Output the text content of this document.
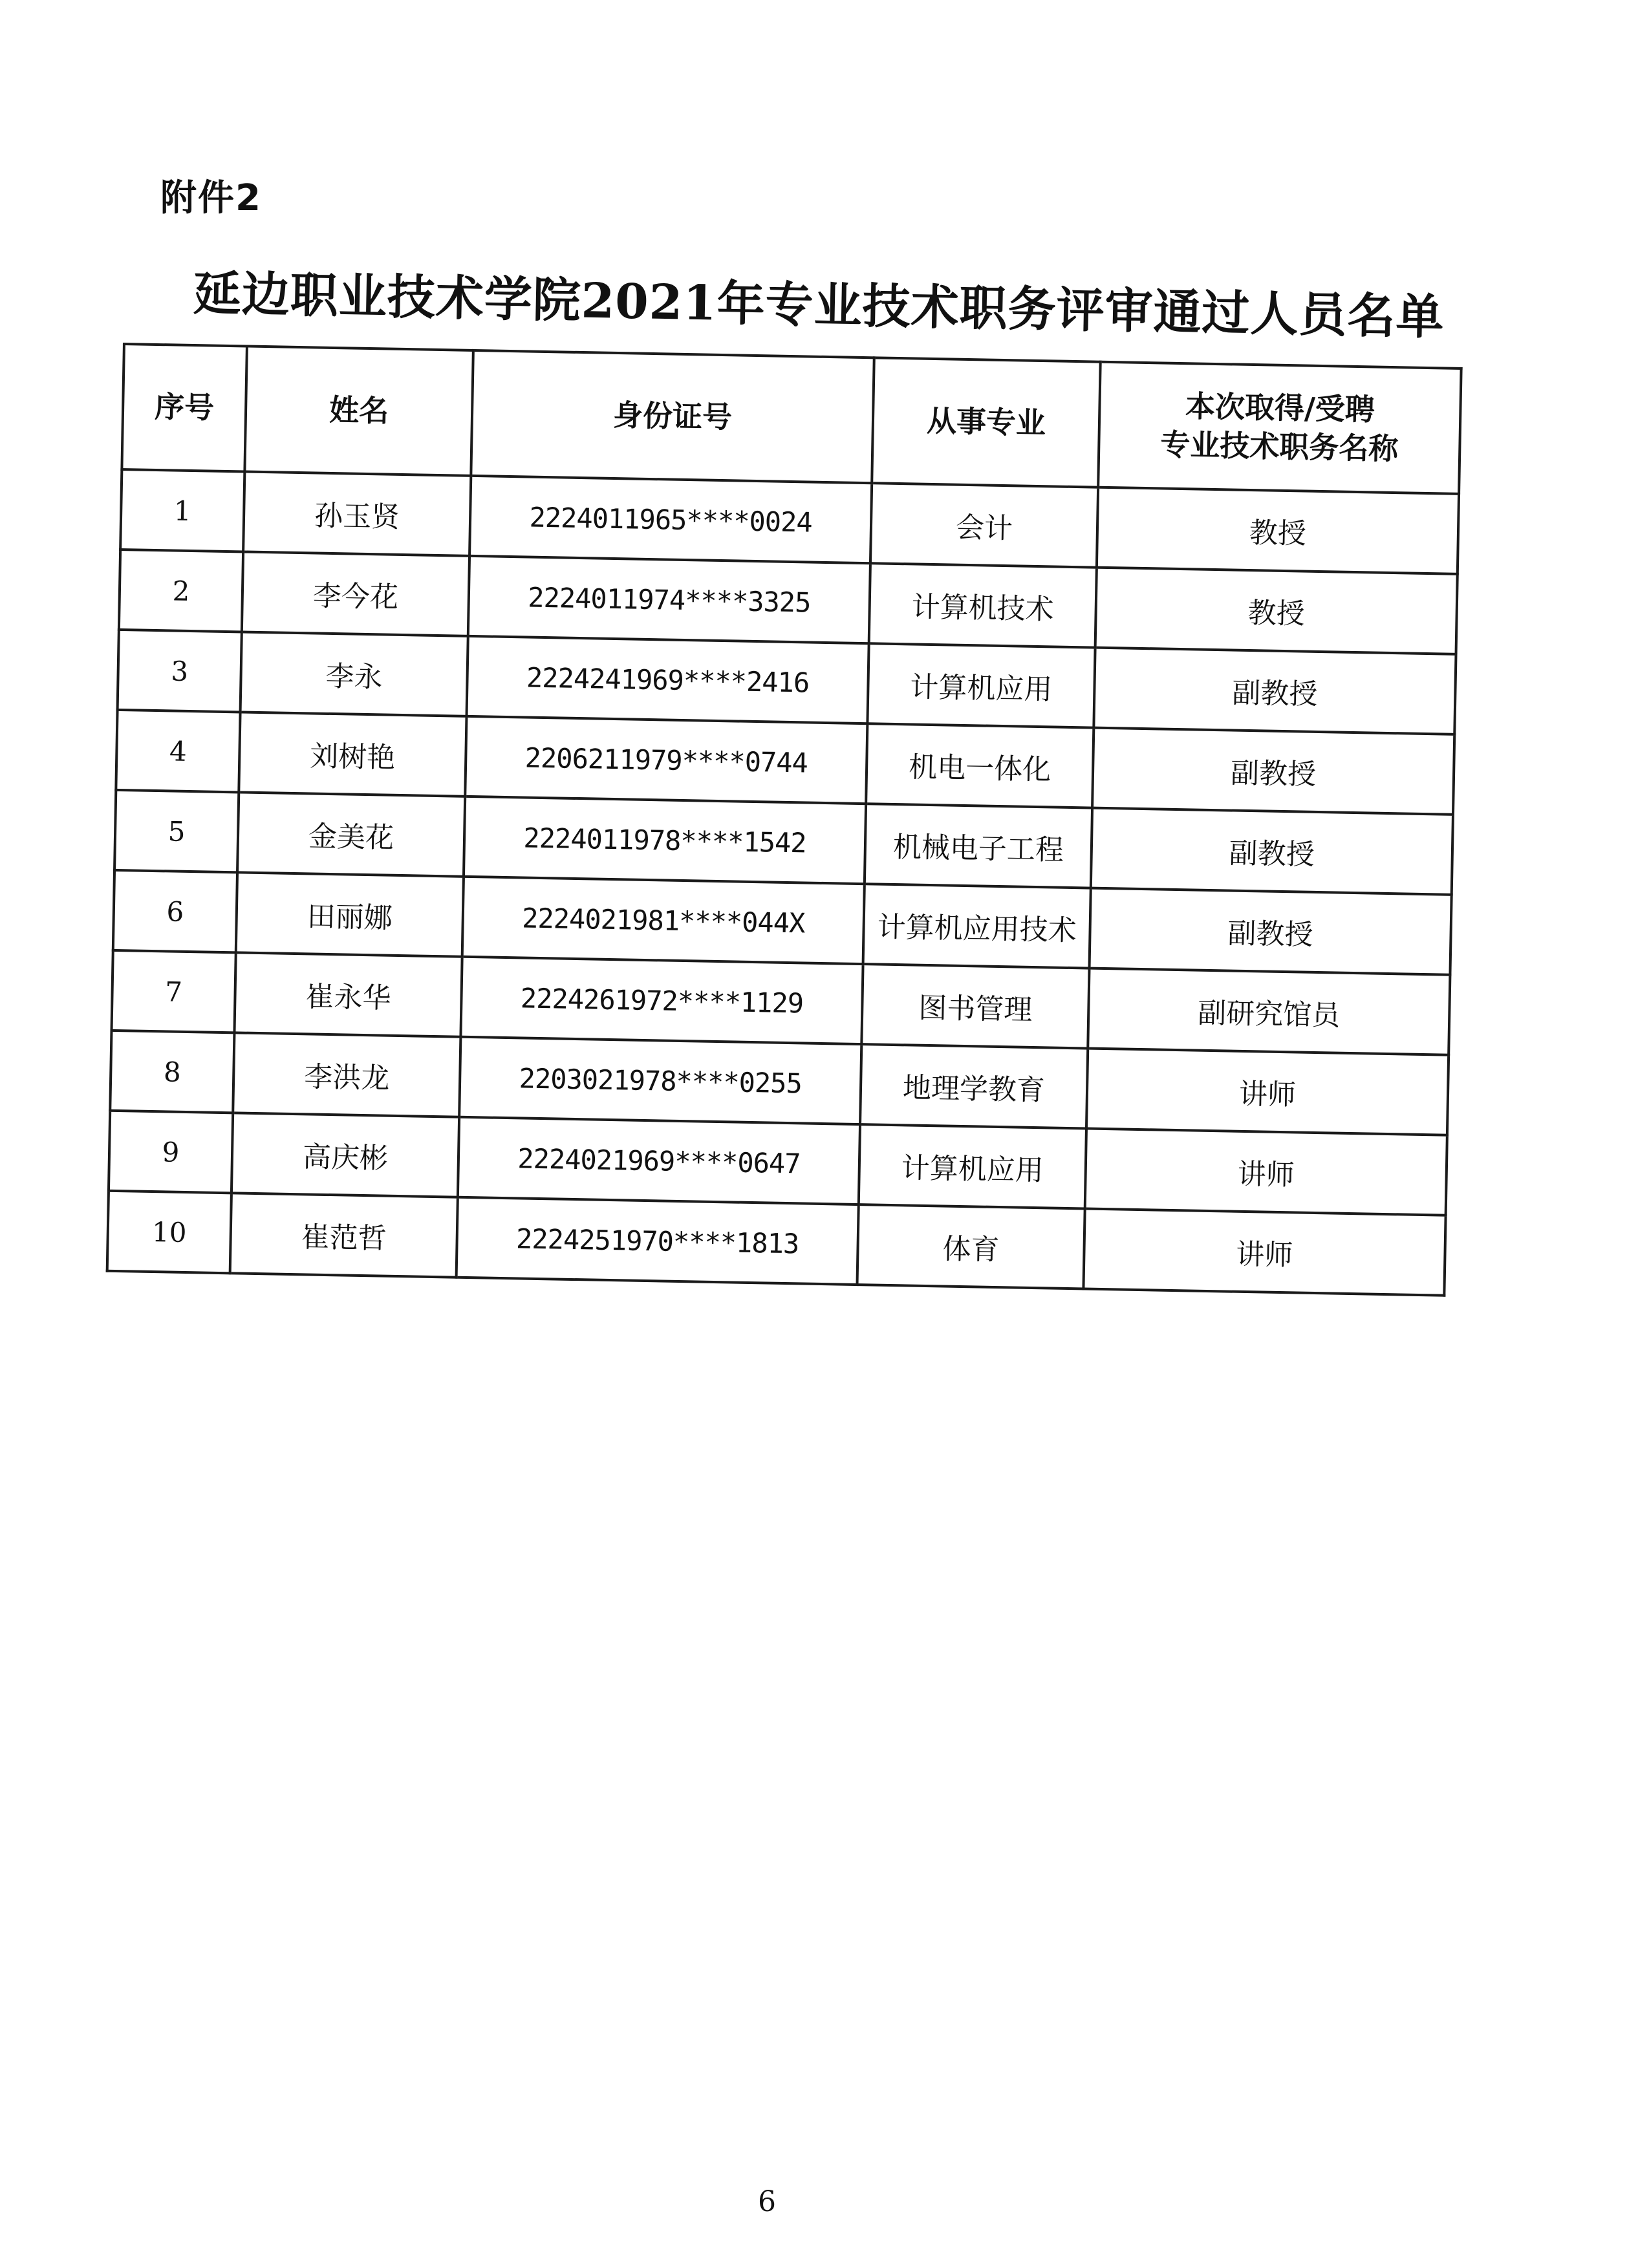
附件2
延边职业技术学院2021年专业技术职务评审通过人员名单
序号	姓名	身份证号	从事专业	本次取得/受聘
专业技术职务名称

1	孙玉贤	2224011965****0024	会计	教授
2	李今花	2224011974****3325	计算机技术	教授
3	李永	2224241969****2416	计算机应用	副教授
4	刘树艳	2206211979****0744	机电一体化	副教授
5	金美花	2224011978****1542	机械电子工程	副教授
6	田丽娜	2224021981****044X	计算机应用技术	副教授
7	崔永华	2224261972****1129	图书管理	副研究馆员
8	李洪龙	2203021978****0255	地理学教育	讲师
9	高庆彬	2224021969****0647	计算机应用	讲师
10	崔范哲	2224251970****1813	体育	讲师
6
